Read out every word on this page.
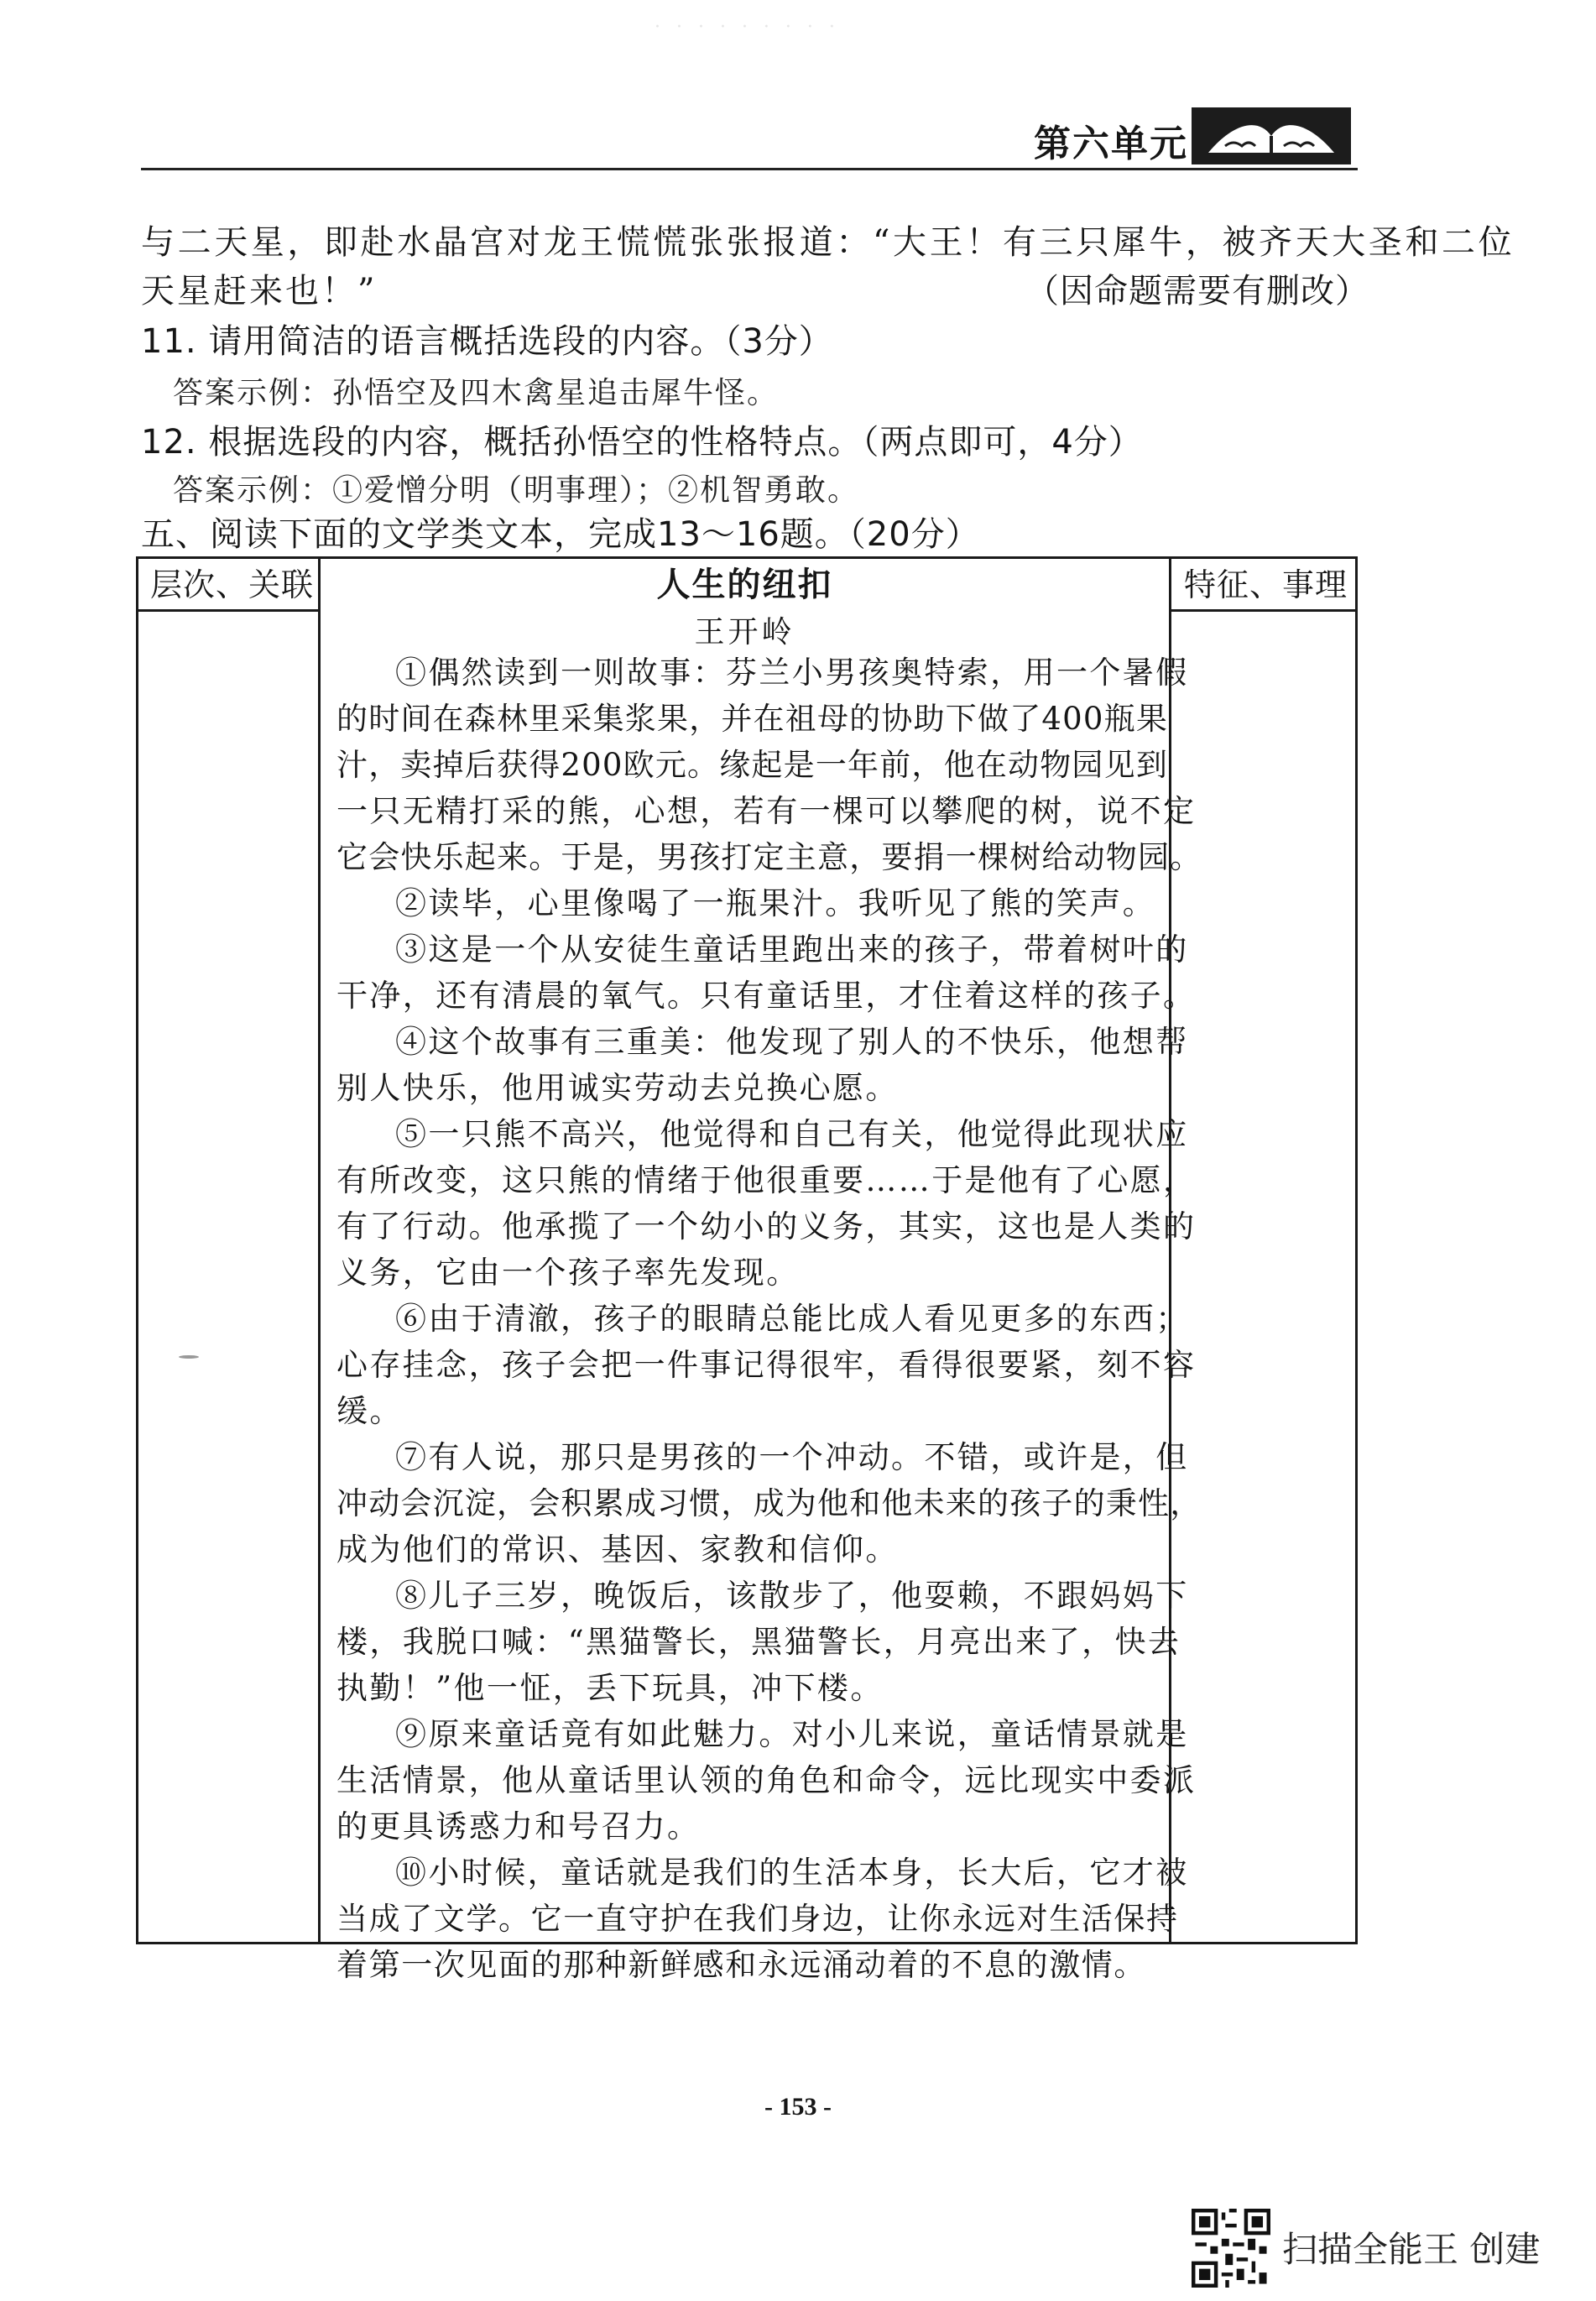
· · · · · · · · ·
第六单元
与二天星，即赴水晶宫对龙王慌慌张张报道：“大王！有三只犀牛，被齐天大圣和二位
天星赶来也！”	（因命题需要有删改）
11. 请用简洁的语言概括选段的内容。（3分）
答案示例：孙悟空及四木禽星追击犀牛怪。
12. 根据选段的内容，概括孙悟空的性格特点。（两点即可，4分）
答案示例：①爱憎分明（明事理）；②机智勇敢。
五、阅读下面的文学类文本，完成13～16题。（20分）
层次、关联	特征、事理
人生的纽扣
王开岭
①偶然读到一则故事：芬兰小男孩奥特索，用一个暑假
的时间在森林里采集浆果，并在祖母的协助下做了400瓶果
汁，卖掉后获得200欧元。缘起是一年前，他在动物园见到
一只无精打采的熊，心想，若有一棵可以攀爬的树，说不定
它会快乐起来。于是，男孩打定主意，要捐一棵树给动物园。
②读毕，心里像喝了一瓶果汁。我听见了熊的笑声。
③这是一个从安徒生童话里跑出来的孩子，带着树叶的
干净，还有清晨的氧气。只有童话里，才住着这样的孩子。
④这个故事有三重美：他发现了别人的不快乐，他想帮
别人快乐，他用诚实劳动去兑换心愿。
⑤一只熊不高兴，他觉得和自己有关，他觉得此现状应
有所改变，这只熊的情绪于他很重要……于是他有了心愿，
有了行动。他承揽了一个幼小的义务，其实，这也是人类的
义务，它由一个孩子率先发现。
⑥由于清澈，孩子的眼睛总能比成人看见更多的东西；
心存挂念，孩子会把一件事记得很牢，看得很要紧，刻不容
缓。
⑦有人说，那只是男孩的一个冲动。不错，或许是，但
冲动会沉淀，会积累成习惯，成为他和他未来的孩子的秉性，
成为他们的常识、基因、家教和信仰。
⑧儿子三岁，晚饭后，该散步了，他耍赖，不跟妈妈下
楼，我脱口喊：“黑猫警长，黑猫警长，月亮出来了，快去
执勤！”他一怔，丢下玩具，冲下楼。
⑨原来童话竟有如此魅力。对小儿来说，童话情景就是
生活情景，他从童话里认领的角色和命令，远比现实中委派
的更具诱惑力和号召力。
⑩小时候，童话就是我们的生活本身，长大后，它才被
当成了文学。它一直守护在我们身边，让你永远对生活保持
着第一次见面的那种新鲜感和永远涌动着的不息的激情。
- 153 -
扫描全能王 创建
